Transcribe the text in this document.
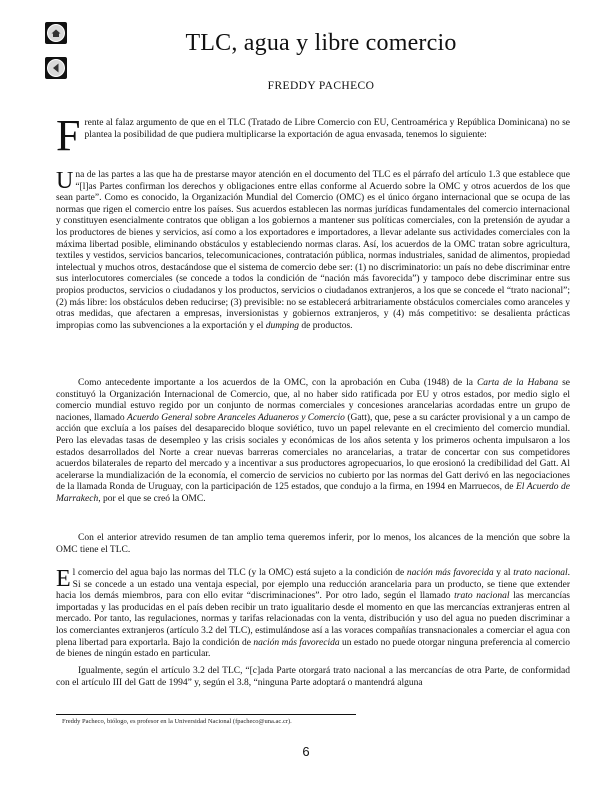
TLC, agua y libre comercio
FREDDY PACHECO

Frente al falaz argumento de que en el TLC (Tratado de Libre Comercio con EU, Centroamérica y República Dominicana) no se plantea la posibilidad de que pudiera multiplicarse la exportación de agua envasada, tenemos lo siguiente:

Una de las partes a las que ha de prestarse mayor atención en el documento del TLC es el párrafo del artículo 1.3 que establece que “[l]as Partes confirman los derechos y obligaciones entre ellas conforme al Acuerdo sobre la OMC y otros acuerdos de los que sean parte”. Como es conocido, la Organización Mundial del Comercio (OMC) es el único órgano internacional que se ocupa de las normas que rigen el comercio entre los países. Sus acuerdos establecen las normas jurídicas fundamentales del comercio internacional y constituyen esencialmente contratos que obligan a los gobiernos a mantener sus políticas comerciales, con la pretensión de ayudar a los productores de bienes y servicios, así como a los exportadores e importadores, a llevar adelante sus actividades comerciales con la máxima libertad posible, eliminando obstáculos y estableciendo normas claras. Así, los acuerdos de la OMC tratan sobre agricultura, textiles y vestidos, servicios bancarios, telecomunicaciones, contratación pública, normas industriales, sanidad de alimentos, propiedad intelectual y muchos otros, destacándose que el sistema de comercio debe ser: (1) no discriminatorio: un país no debe discriminar entre sus interlocutores comerciales (se concede a todos la condición de “nación más favorecida”) y tampoco debe discriminar entre sus propios productos, servicios o ciudadanos y los productos, servicios o ciudadanos extranjeros, a los que se concede el “trato nacional”; (2) más libre: los obstáculos deben reducirse; (3) previsible: no se establecerá arbitrariamente obstáculos comerciales como aranceles y otras medidas, que afectaren a empresas, inversionistas y gobiernos extranjeros, y (4) más competitivo: se desalienta prácticas impropias como las subvenciones a la exportación y el dumping de productos.

Como antecedente importante a los acuerdos de la OMC, con la aprobación en Cuba (1948) de la Carta de la Habana se constituyó la Organización Internacional de Comercio, que, al no haber sido ratificada por EU y otros estados, por medio siglo el comercio mundial estuvo regido por un conjunto de normas comerciales y concesiones arancelarias acordadas entre un grupo de naciones, llamado Acuerdo General sobre Aranceles Aduaneros y Comercio (Gatt), que, pese a su carácter provisional y a un campo de acción que excluía a los países del desaparecido bloque soviético, tuvo un papel relevante en el crecimiento del comercio mundial. Pero las elevadas tasas de desempleo y las crisis sociales y económicas de los años setenta y los primeros ochenta impulsaron a los estados desarrollados del Norte a crear nuevas barreras comerciales no arancelarias, a tratar de concertar con sus competidores acuerdos bilaterales de reparto del mercado y a incentivar a sus productores agropecuarios, lo que erosionó la credibilidad del Gatt. Al acelerarse la mundialización de la economía, el comercio de servicios no cubierto por las normas del Gatt derivó en las negociaciones de la llamada Ronda de Uruguay, con la participación de 125 estados, que condujo a la firma, en 1994 en Marruecos, de El Acuerdo de Marrakech, por el que se creó la OMC.

Con el anterior atrevido resumen de tan amplio tema queremos inferir, por lo menos, los alcances de la mención que sobre la OMC tiene el TLC.

El comercio del agua bajo las normas del TLC (y la OMC) está sujeto a la condición de nación más favorecida y al trato nacional. Si se concede a un estado una ventaja especial, por ejemplo una reducción arancelaria para un producto, se tiene que extender hacia los demás miembros, para con ello evitar “discriminaciones”. Por otro lado, según el llamado trato nacional las mercancías importadas y las producidas en el país deben recibir un trato igualitario desde el momento en que las mercancías extranjeras entren al mercado. Por tanto, las regulaciones, normas y tarifas relacionadas con la venta, distribución y uso del agua no pueden discriminar a los comerciantes extranjeros (artículo 3.2 del TLC), estimulándose así a las voraces compañías transnacionales a comerciar el agua con plena libertad para exportarla. Bajo la condición de nación más favorecida un estado no puede otorgar ninguna preferencia al comercio de bienes de ningún estado en particular.

Igualmente, según el artículo 3.2 del TLC, “[c]ada Parte otorgará trato nacional a las mercancías de otra Parte, de conformidad con el artículo III del Gatt de 1994” y, según el 3.8, “ninguna Parte adoptará o mantendrá alguna

Freddy Pacheco, biólogo, es profesor en la Universidad Nacional (fpacheco@una.ac.cr).
6
